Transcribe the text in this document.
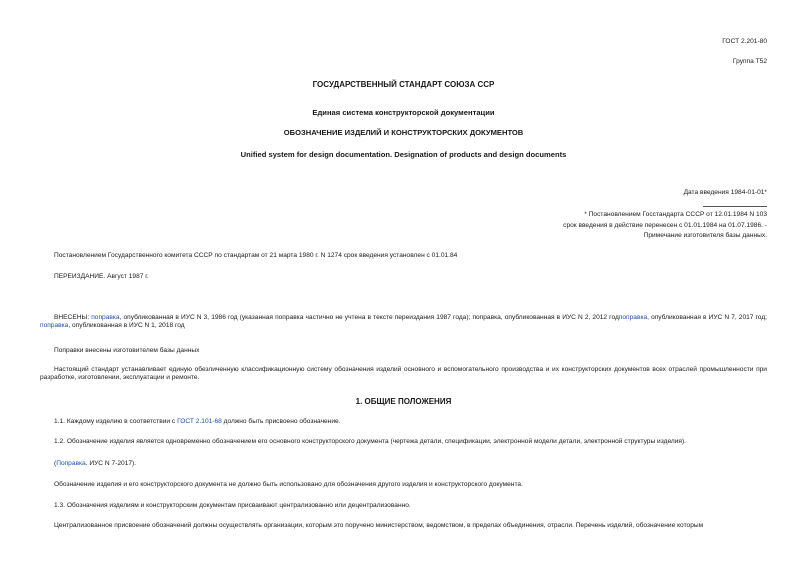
ГОСТ 2.201-80
Группа Т52
ГОСУДАРСТВЕННЫЙ СТАНДАРТ СОЮЗА ССР
Единая система конструкторской документации
ОБОЗНАЧЕНИЕ ИЗДЕЛИЙ И КОНСТРУКТОРСКИХ ДОКУМЕНТОВ
Unified system for design documentation. Designation of products and design documents
Дата введения 1984-01-01*
* Постановлением Госстандарта СССР от 12.01.1984 N 103
срок введения в действие перенесен с 01.01.1984 на 01.07.1986. -
Примечание изготовителя базы данных.
Постановлением Государственного комитета СССР по стандартам от 21 марта 1980 г. N 1274 срок введения установлен с 01.01.84
ПЕРЕИЗДАНИЕ. Август 1987 г.
ВНЕСЕНЫ: поправка, опубликованная в ИУС N 3, 1986 год (указанная поправка частично не учтена в тексте переиздания 1987 года); поправка, опубликованная в ИУС N 2, 2012 годпоправка, опубликованная в ИУС N 7, 2017 год; поправка, опубликованная в ИУС N 1, 2018 год
Поправки внесены изготовителем базы данных
Настоящий стандарт устанавливает единую обезличенную классификационную систему обозначения изделий основного и вспомогательного производства и их конструкторских документов всех отраслей промышленности при разработке, изготовлении, эксплуатации и ремонте.
1. ОБЩИЕ ПОЛОЖЕНИЯ
1.1. Каждому изделию в соответствии с ГОСТ 2.101-68 должно быть присвоено обозначение.
1.2. Обозначение изделия является одновременно обозначением его основного конструкторского документа (чертежа детали, спецификации, электронной модели детали, электронной структуры изделия).
(Поправка. ИУС N 7-2017).
Обозначение изделия и его конструкторского документа не должно быть использовано для обозначения другого изделия и конструкторского документа.
1.3. Обозначения изделиям и конструкторским документам присваивают централизованно или децентрализованно.
Централизованное присвоение обозначений должны осуществлять организации, которым это поручено министерством, ведомством, в пределах объединения, отрасли. Перечень изделий, обозначение которым
